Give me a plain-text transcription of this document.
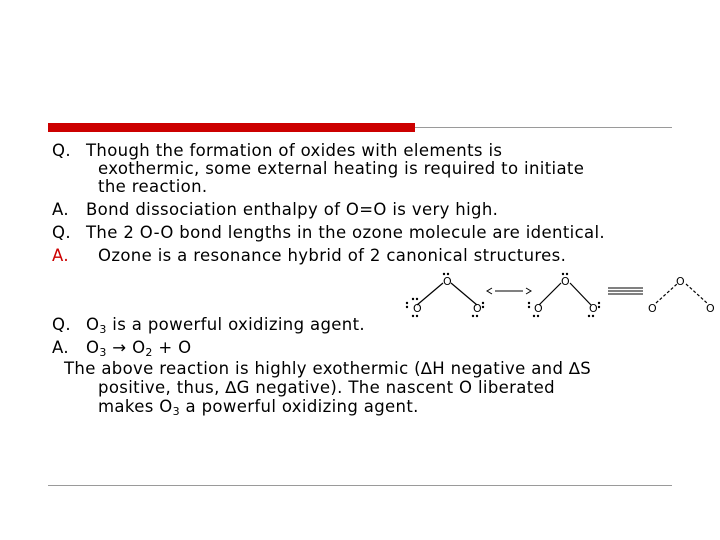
Q. Though the formation of oxides with elements is
exothermic, some external heating is required to initiate
the reaction.
A. Bond dissociation enthalpy of O=O is very high.
Q. The 2 O-O bond lengths in the ozone molecule are identical.
A. Ozone is a resonance hybrid of 2 canonical structures.
O
O
O	O
O
O	O
O
O
Q. $O_3$ is a powerful oxidizing agent.
A. $O_3 \to O_2 + O$
The above reaction is highly exothermic (∆H negative and ∆S
positive, thus, ∆G negative). The nascent O liberated
makes $O_3$ a powerful oxidizing agent.
